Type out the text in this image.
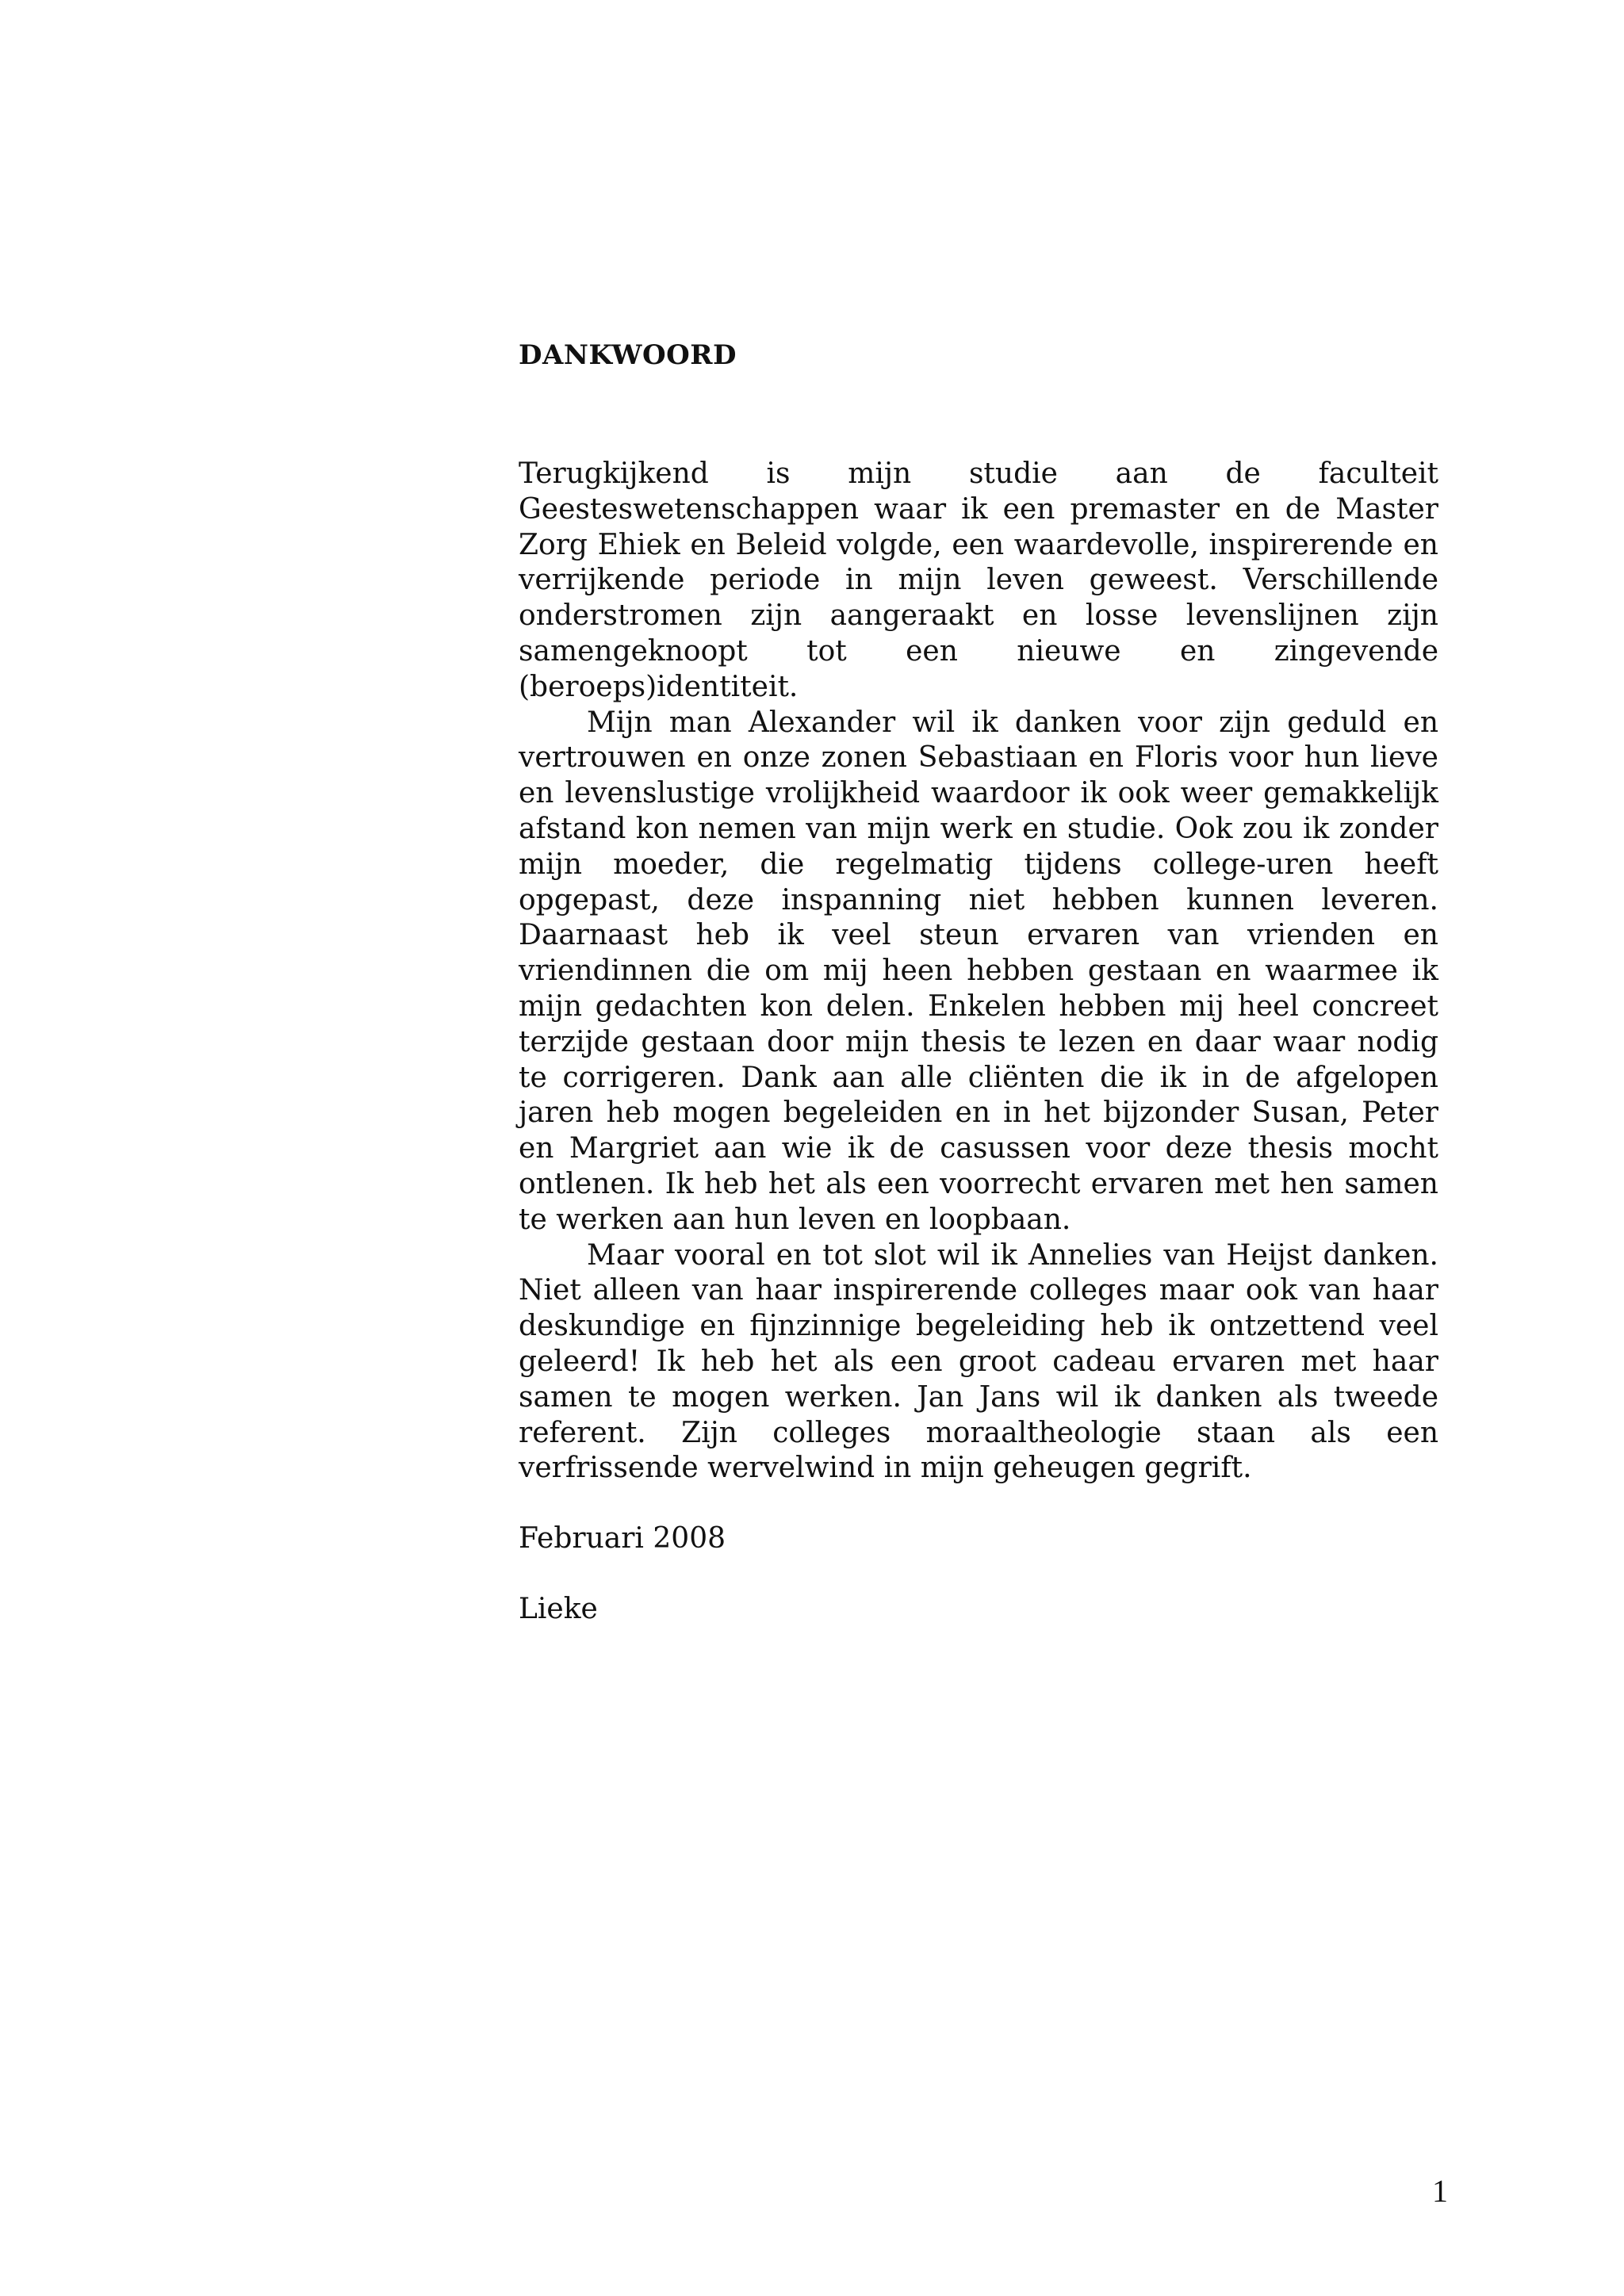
DANKWOORD

Terugkijkend is mijn studie aan de faculteit Geesteswetenschappen waar ik een premaster en de Master Zorg Ehiek en Beleid volgde, een waardevolle, inspirerende en verrijkende periode in mijn leven geweest. Verschillende onderstromen zijn aangeraakt en losse levenslijnen zijn samengeknoopt tot een nieuwe en zingevende (beroeps)identiteit.

Mijn man Alexander wil ik danken voor zijn geduld en vertrouwen en onze zonen Sebastiaan en Floris voor hun lieve en levenslustige vrolijkheid waardoor ik ook weer gemakkelijk afstand kon nemen van mijn werk en studie. Ook zou ik zonder mijn moeder, die regelmatig tijdens college-uren heeft opgepast, deze inspanning niet hebben kunnen leveren. Daarnaast heb ik veel steun ervaren van vrienden en vriendinnen die om mij heen hebben gestaan en waarmee ik mijn gedachten kon delen. Enkelen hebben mij heel concreet terzijde gestaan door mijn thesis te lezen en daar waar nodig te corrigeren. Dank aan alle cliënten die ik in de afgelopen jaren heb mogen begeleiden en in het bijzonder Susan, Peter en Margriet aan wie ik de casussen voor deze thesis mocht ontlenen. Ik heb het als een voorrecht ervaren met hen samen te werken aan hun leven en loopbaan.

Maar vooral en tot slot wil ik Annelies van Heijst danken. Niet alleen van haar inspirerende colleges maar ook van haar deskundige en fijnzinnige begeleiding heb ik ontzettend veel geleerd! Ik heb het als een groot cadeau ervaren met haar samen te mogen werken. Jan Jans wil ik danken als tweede referent. Zijn colleges moraaltheologie staan als een verfrissende wervelwind in mijn geheugen gegrift.

Februari 2008
Lieke
1
